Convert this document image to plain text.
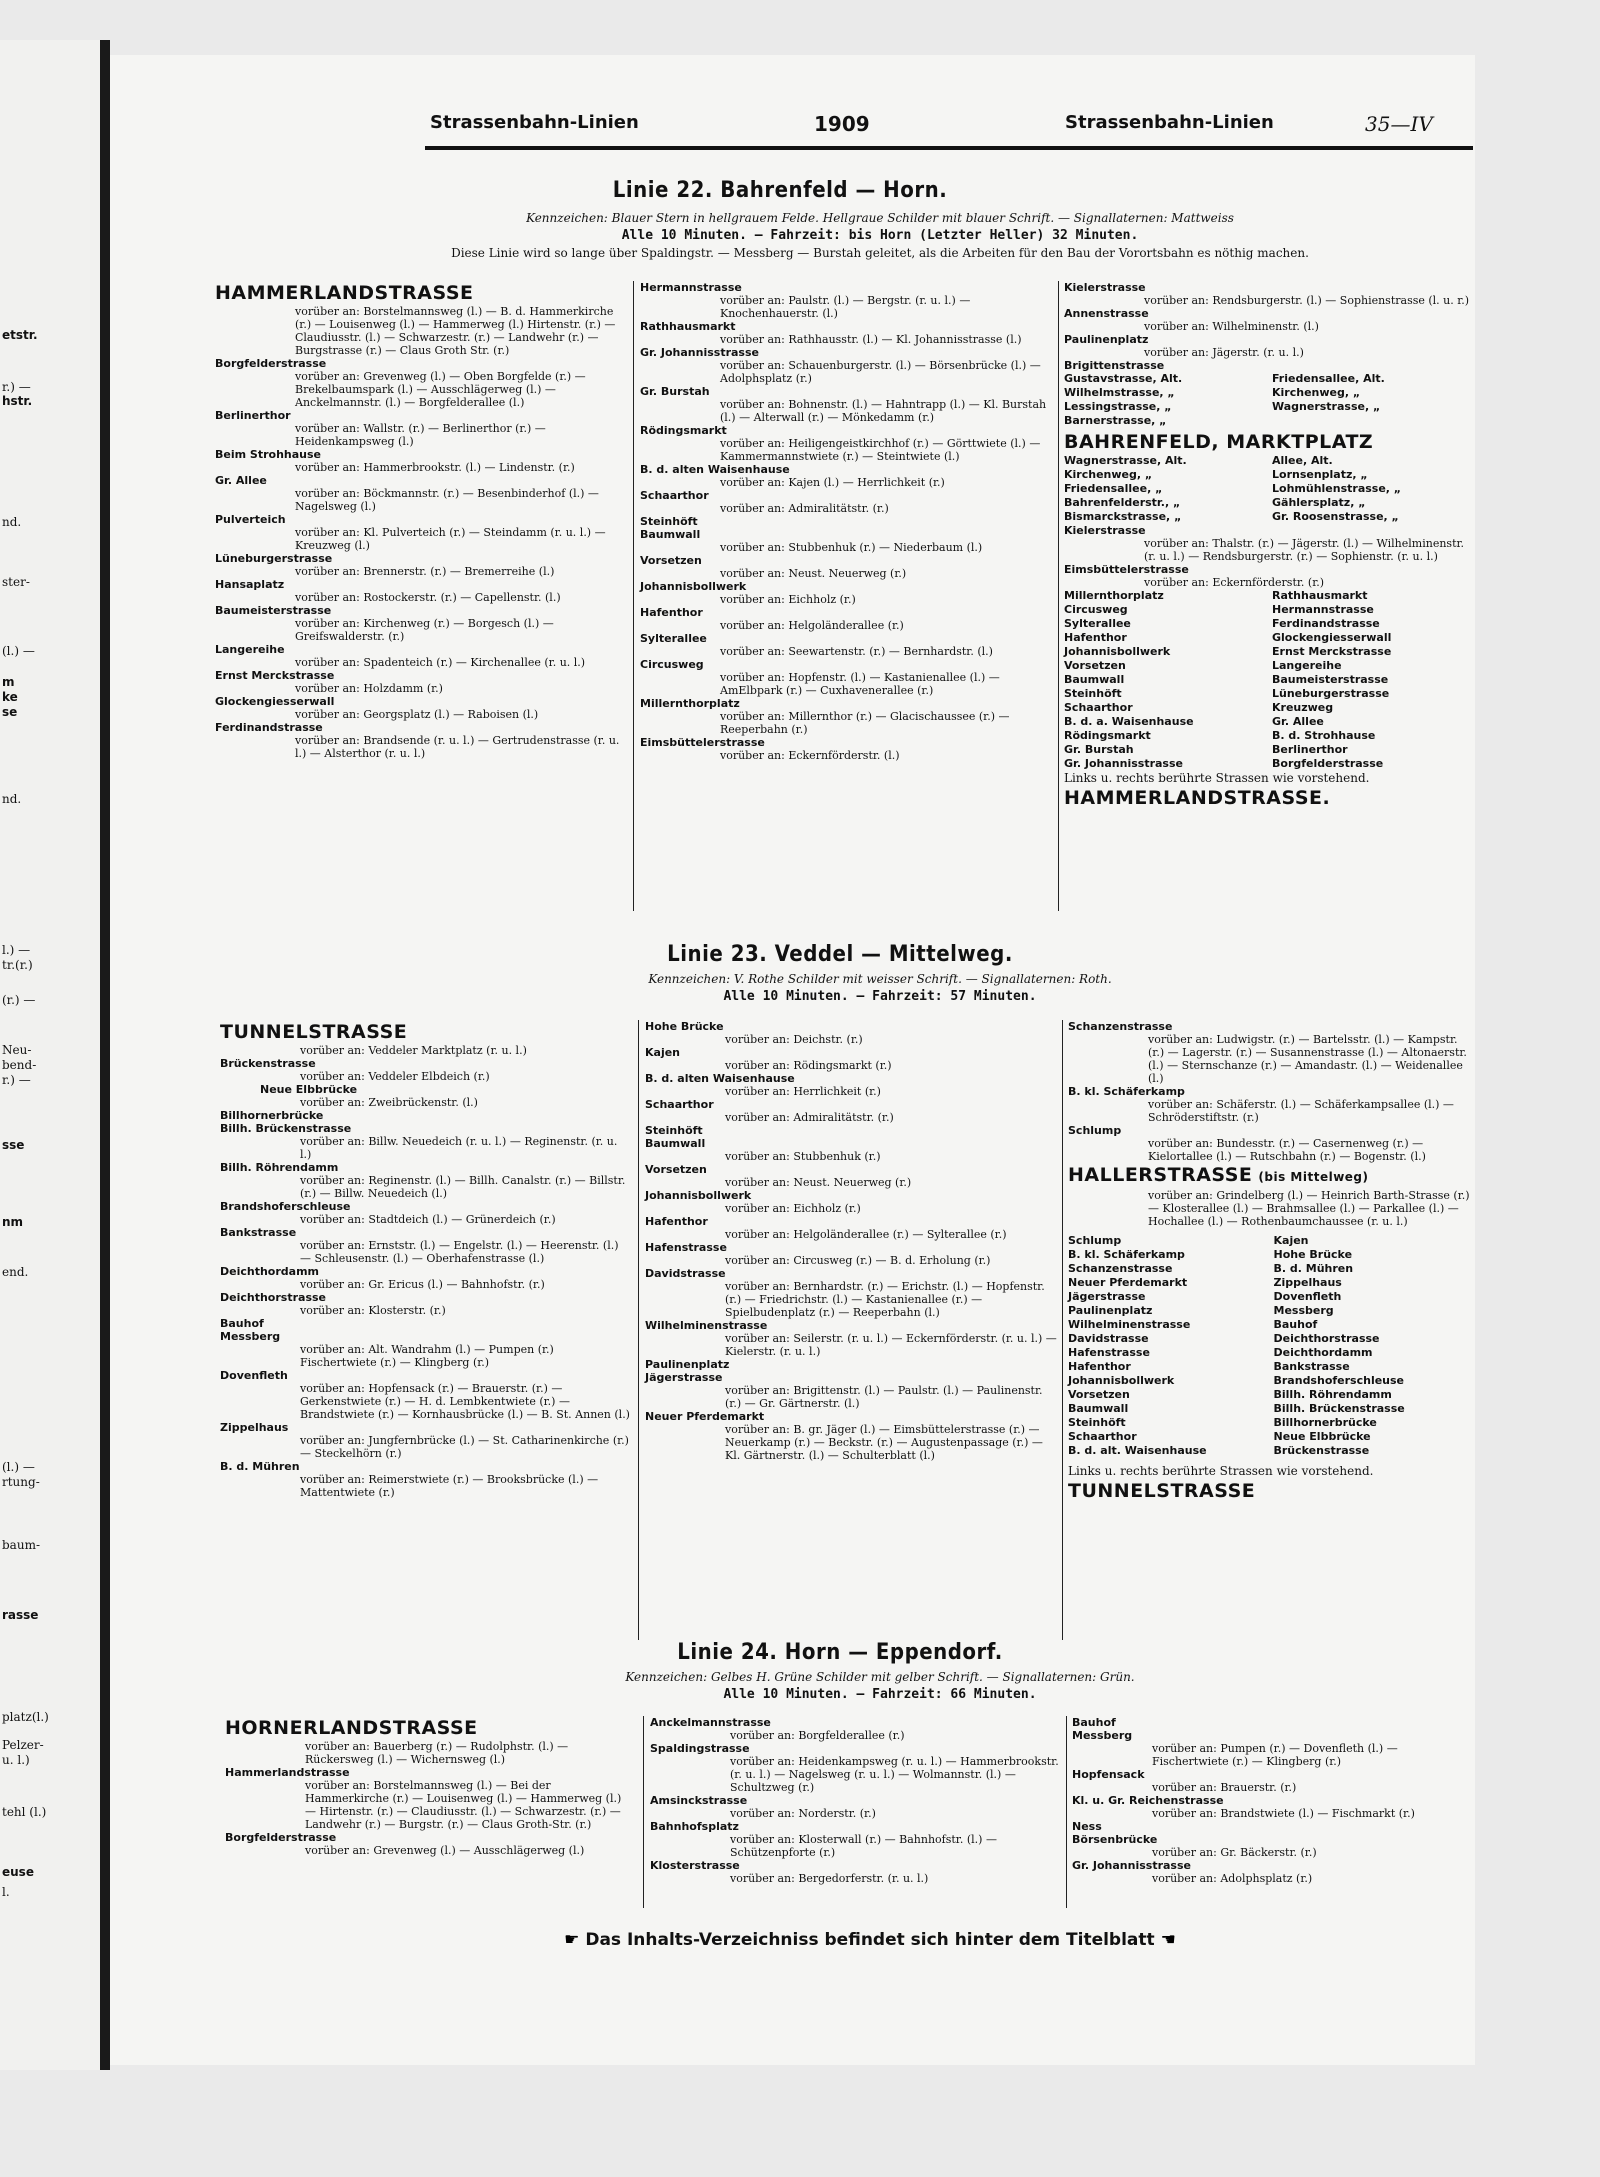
etstr.
r.) —
hstr.
nd.
ster-
(l.) —
m
ke
se
nd.
l.) —
tr.(r.)
(r.) —
Neu-
bend-
r.) —
sse
nm
end.
(l.) —
rtung-
baum-
rasse
platz(l.)
Pelzer-
u. l.)
tehl (l.)
euse
l.
Strassenbahn-Linien	1909	Strassenbahn-Linien	35—IV
Linie 22. Bahrenfeld — Horn.
Kennzeichen: Blauer Stern in hellgrauem Felde. Hellgraue Schilder mit blauer Schrift. — Signallaternen: Mattweiss
Alle 10 Minuten. — Fahrzeit: bis Horn (Letzter Heller) 32 Minuten.
Diese Linie wird so lange über Spaldingstr. — Messberg — Burstah geleitet, als die Arbeiten für den Bau der Vorortsbahn es nöthig machen.
HAMMERLANDSTRASSE
vorüber an: Borstelmannsweg (l.) — B. d. Hammerkirche (r.) — Louisenweg (l.) — Hammerweg (l.) Hirtenstr. (r.) — Claudiusstr. (l.) — Schwarzestr. (r.) — Landwehr (r.) — Burgstrasse (r.) — Claus Groth Str. (r.)
Borgfelderstrasse
vorüber an: Grevenweg (l.) — Oben Borgfelde (r.) — Brekelbaumspark (l.) — Ausschlägerweg (l.) — Anckelmannstr. (l.) — Borgfelderallee (l.)
Berlinerthor
vorüber an: Wallstr. (r.) — Berlinerthor (r.) — Heidenkampsweg (l.)
Beim Strohhause
vorüber an: Hammerbrookstr. (l.) — Lindenstr. (r.)
Gr. Allee
vorüber an: Böckmannstr. (r.) — Besenbinderhof (l.) — Nagelsweg (l.)
Pulverteich
vorüber an: Kl. Pulverteich (r.) — Steindamm (r. u. l.) — Kreuzweg (l.)
Lüneburgerstrasse
vorüber an: Brennerstr. (r.) — Bremerreihe (l.)
Hansaplatz
vorüber an: Rostockerstr. (r.) — Capellenstr. (l.)
Baumeisterstrasse
vorüber an: Kirchenweg (r.) — Borgesch (l.) — Greifswalderstr. (r.)
Langereihe
vorüber an: Spadenteich (r.) — Kirchenallee (r. u. l.)
Ernst Merckstrasse
vorüber an: Holzdamm (r.)
Glockengiesserwall
vorüber an: Georgsplatz (l.) — Raboisen (l.)
Ferdinandstrasse
vorüber an: Brandsende (r. u. l.) — Gertrudenstrasse (r. u. l.) — Alsterthor (r. u. l.)
Hermannstrasse
vorüber an: Paulstr. (l.) — Bergstr. (r. u. l.) — Knochenhauerstr. (l.)
Rathhausmarkt
vorüber an: Rathhausstr. (l.) — Kl. Johannisstrasse (l.)
Gr. Johannisstrasse
vorüber an: Schauenburgerstr. (l.) — Börsenbrücke (l.) — Adolphsplatz (r.)
Gr. Burstah
vorüber an: Bohnenstr. (l.) — Hahntrapp (l.) — Kl. Burstah (l.) — Alterwall (r.) — Mönkedamm (r.)
Rödingsmarkt
vorüber an: Heiligengeistkirchhof (r.) — Görttwiete (l.) — Kammermannstwiete (r.) — Steintwiete (l.)
B. d. alten Waisenhause
vorüber an: Kajen (l.) — Herrlichkeit (r.)
Schaarthor
vorüber an: Admiralitätstr. (r.)
Steinhöft
Baumwall
vorüber an: Stubbenhuk (r.) — Niederbaum (l.)
Vorsetzen
vorüber an: Neust. Neuerweg (r.)
Johannisbollwerk
vorüber an: Eichholz (r.)
Hafenthor
vorüber an: Helgoländerallee (r.)
Sylterallee
vorüber an: Seewartenstr. (r.) — Bernhardstr. (l.)
Circusweg
vorüber an: Hopfenstr. (l.) — Kastanienallee (l.) — AmElbpark (r.) — Cuxhavenerallee (r.)
Millernthorplatz
vorüber an: Millernthor (r.) — Glacischaussee (r.) — Reeperbahn (r.)
Eimsbüttelerstrasse
vorüber an: Eckernförderstr. (l.)
Kielerstrasse
vorüber an: Rendsburgerstr. (l.) — Sophienstrasse (l. u. r.)
Annenstrasse
vorüber an: Wilhelminenstr. (l.)
Paulinenplatz
vorüber an: Jägerstr. (r. u. l.)
Brigittenstrasse
Gustavstrasse, Alt.	Friedensallee, Alt.
Wilhelmstrasse, „	Kirchenweg, „
Lessingstrasse, „	Wagnerstrasse, „
Barnerstrasse, „
BAHRENFELD, MARKTPLATZ
Wagnerstrasse, Alt.	Allee, Alt.
Kirchenweg, „	Lornsenplatz, „
Friedensallee, „	Lohmühlenstrasse, „
Bahrenfelderstr., „	Gählersplatz, „
Bismarckstrasse, „	Gr. Roosenstrasse, „
Kielerstrasse
vorüber an: Thalstr. (r.) — Jägerstr. (l.) — Wilhelminenstr. (r. u. l.) — Rendsburgerstr. (r.) — Sophienstr. (r. u. l.)
Eimsbüttelerstrasse
vorüber an: Eckernförderstr. (r.)
Millernthorplatz	Rathhausmarkt
Circusweg	Hermannstrasse
Sylterallee	Ferdinandstrasse
Hafenthor	Glockengiesserwall
Johannisbollwerk	Ernst Merckstrasse
Vorsetzen	Langereihe
Baumwall	Baumeisterstrasse
Steinhöft	Lüneburgerstrasse
Schaarthor	Kreuzweg
B. d. a. Waisenhause	Gr. Allee
Rödingsmarkt	B. d. Strohhause
Gr. Burstah	Berlinerthor
Gr. Johannisstrasse	Borgfelderstrasse
Links u. rechts berührte Strassen wie vorstehend.
HAMMERLANDSTRASSE.
Linie 23. Veddel — Mittelweg.
Kennzeichen: V. Rothe Schilder mit weisser Schrift. — Signallaternen: Roth.
Alle 10 Minuten. — Fahrzeit: 57 Minuten.
TUNNELSTRASSE
vorüber an: Veddeler Marktplatz (r. u. l.)
Brückenstrasse
vorüber an: Veddeler Elbdeich (r.)
Neue Elbbrücke
vorüber an: Zweibrückenstr. (l.)
Billhornerbrücke
Billh. Brückenstrasse
vorüber an: Billw. Neuedeich (r. u. l.) — Reginenstr. (r. u. l.)
Billh. Röhrendamm
vorüber an: Reginenstr. (l.) — Billh. Canalstr. (r.) — Billstr. (r.) — Billw. Neuedeich (l.)
Brandshoferschleuse
vorüber an: Stadtdeich (l.) — Grünerdeich (r.)
Bankstrasse
vorüber an: Ernststr. (l.) — Engelstr. (l.) — Heerenstr. (l.) — Schleusenstr. (l.) — Oberhafenstrasse (l.)
Deichthordamm
vorüber an: Gr. Ericus (l.) — Bahnhofstr. (r.)
Deichthorstrasse
vorüber an: Klosterstr. (r.)
Bauhof
Messberg
vorüber an: Alt. Wandrahm (l.) — Pumpen (r.) Fischertwiete (r.) — Klingberg (r.)
Dovenfleth
vorüber an: Hopfensack (r.) — Brauerstr. (r.) — Gerkenstwiete (r.) — H. d. Lembkentwiete (r.) — Brandstwiete (r.) — Kornhausbrücke (l.) — B. St. Annen (l.)
Zippelhaus
vorüber an: Jungfernbrücke (l.) — St. Catharinenkirche (r.) — Steckelhörn (r.)
B. d. Mühren
vorüber an: Reimerstwiete (r.) — Brooksbrücke (l.) — Mattentwiete (r.)
Hohe Brücke
vorüber an: Deichstr. (r.)
Kajen
vorüber an: Rödingsmarkt (r.)
B. d. alten Waisenhause
vorüber an: Herrlichkeit (r.)
Schaarthor
vorüber an: Admiralitätstr. (r.)
Steinhöft
Baumwall
vorüber an: Stubbenhuk (r.)
Vorsetzen
vorüber an: Neust. Neuerweg (r.)
Johannisbollwerk
vorüber an: Eichholz (r.)
Hafenthor
vorüber an: Helgoländerallee (r.) — Sylterallee (r.)
Hafenstrasse
vorüber an: Circusweg (r.) — B. d. Erholung (r.)
Davidstrasse
vorüber an: Bernhardstr. (r.) — Erichstr. (l.) — Hopfenstr. (r.) — Friedrichstr. (l.) — Kastanienallee (r.) — Spielbudenplatz (r.) — Reeperbahn (l.)
Wilhelminenstrasse
vorüber an: Seilerstr. (r. u. l.) — Eckernförderstr. (r. u. l.) — Kielerstr. (r. u. l.)
Paulinenplatz
Jägerstrasse
vorüber an: Brigittenstr. (l.) — Paulstr. (l.) — Paulinenstr. (r.) — Gr. Gärtnerstr. (l.)
Neuer Pferdemarkt
vorüber an: B. gr. Jäger (l.) — Eimsbüttelerstrasse (r.) — Neuerkamp (r.) — Beckstr. (r.) — Augustenpassage (r.) — Kl. Gärtnerstr. (l.) — Schulterblatt (l.)
Schanzenstrasse
vorüber an: Ludwigstr. (r.) — Bartelsstr. (l.) — Kampstr. (r.) — Lagerstr. (r.) — Susannenstrasse (l.) — Altonaerstr. (l.) — Sternschanze (r.) — Amandastr. (l.) — Weidenallee (l.)
B. kl. Schäferkamp
vorüber an: Schäferstr. (l.) — Schäferkampsallee (l.) — Schröderstiftstr. (r.)
Schlump
vorüber an: Bundesstr. (r.) — Casernenweg (r.) — Kielortallee (l.) — Rutschbahn (r.) — Bogenstr. (l.)
HALLERSTRASSE (bis Mittelweg)
vorüber an: Grindelberg (l.) — Heinrich Barth-Strasse (r.) — Klosterallee (l.) — Brahmsallee (l.) — Parkallee (l.) — Hochallee (l.) — Rothenbaumchaussee (r. u. l.)
Schlump	Kajen
B. kl. Schäferkamp	Hohe Brücke
Schanzenstrasse	B. d. Mühren
Neuer Pferdemarkt	Zippelhaus
Jägerstrasse	Dovenfleth
Paulinenplatz	Messberg
Wilhelminenstrasse	Bauhof
Davidstrasse	Deichthorstrasse
Hafenstrasse	Deichthordamm
Hafenthor	Bankstrasse
Johannisbollwerk	Brandshoferschleuse
Vorsetzen	Billh. Röhrendamm
Baumwall	Billh. Brückenstrasse
Steinhöft	Billhornerbrücke
Schaarthor	Neue Elbbrücke
B. d. alt. Waisenhause	Brückenstrasse
Links u. rechts berührte Strassen wie vorstehend.
TUNNELSTRASSE
Linie 24. Horn — Eppendorf.
Kennzeichen: Gelbes H. Grüne Schilder mit gelber Schrift. — Signallaternen: Grün.
Alle 10 Minuten. — Fahrzeit: 66 Minuten.
HORNERLANDSTRASSE
vorüber an: Bauerberg (r.) — Rudolphstr. (l.) — Rückersweg (l.) — Wichernsweg (l.)
Hammerlandstrasse
vorüber an: Borstelmannsweg (l.) — Bei der Hammerkirche (r.) — Louisenweg (l.) — Hammerweg (l.) — Hirtenstr. (r.) — Claudiusstr. (l.) — Schwarzestr. (r.) — Landwehr (r.) — Burgstr. (r.) — Claus Groth-Str. (r.)
Borgfelderstrasse
vorüber an: Grevenweg (l.) — Ausschlägerweg (l.)
Anckelmannstrasse
vorüber an: Borgfelderallee (r.)
Spaldingstrasse
vorüber an: Heidenkampsweg (r. u. l.) — Hammerbrookstr. (r. u. l.) — Nagelsweg (r. u. l.) — Wolmannstr. (l.) — Schultzweg (r.)
Amsinckstrasse
vorüber an: Norderstr. (r.)
Bahnhofsplatz
vorüber an: Klosterwall (r.) — Bahnhofstr. (l.) — Schützenpforte (r.)
Klosterstrasse
vorüber an: Bergedorferstr. (r. u. l.)
Bauhof
Messberg
vorüber an: Pumpen (r.) — Dovenfleth (l.) — Fischertwiete (r.) — Klingberg (r.)
Hopfensack
vorüber an: Brauerstr. (r.)
Kl. u. Gr. Reichenstrasse
vorüber an: Brandstwiete (l.) — Fischmarkt (r.)
Ness
Börsenbrücke
vorüber an: Gr. Bäckerstr. (r.)
Gr. Johannisstrasse
vorüber an: Adolphsplatz (r.)
☛ Das Inhalts-Verzeichniss befindet sich hinter dem Titelblatt ☚
